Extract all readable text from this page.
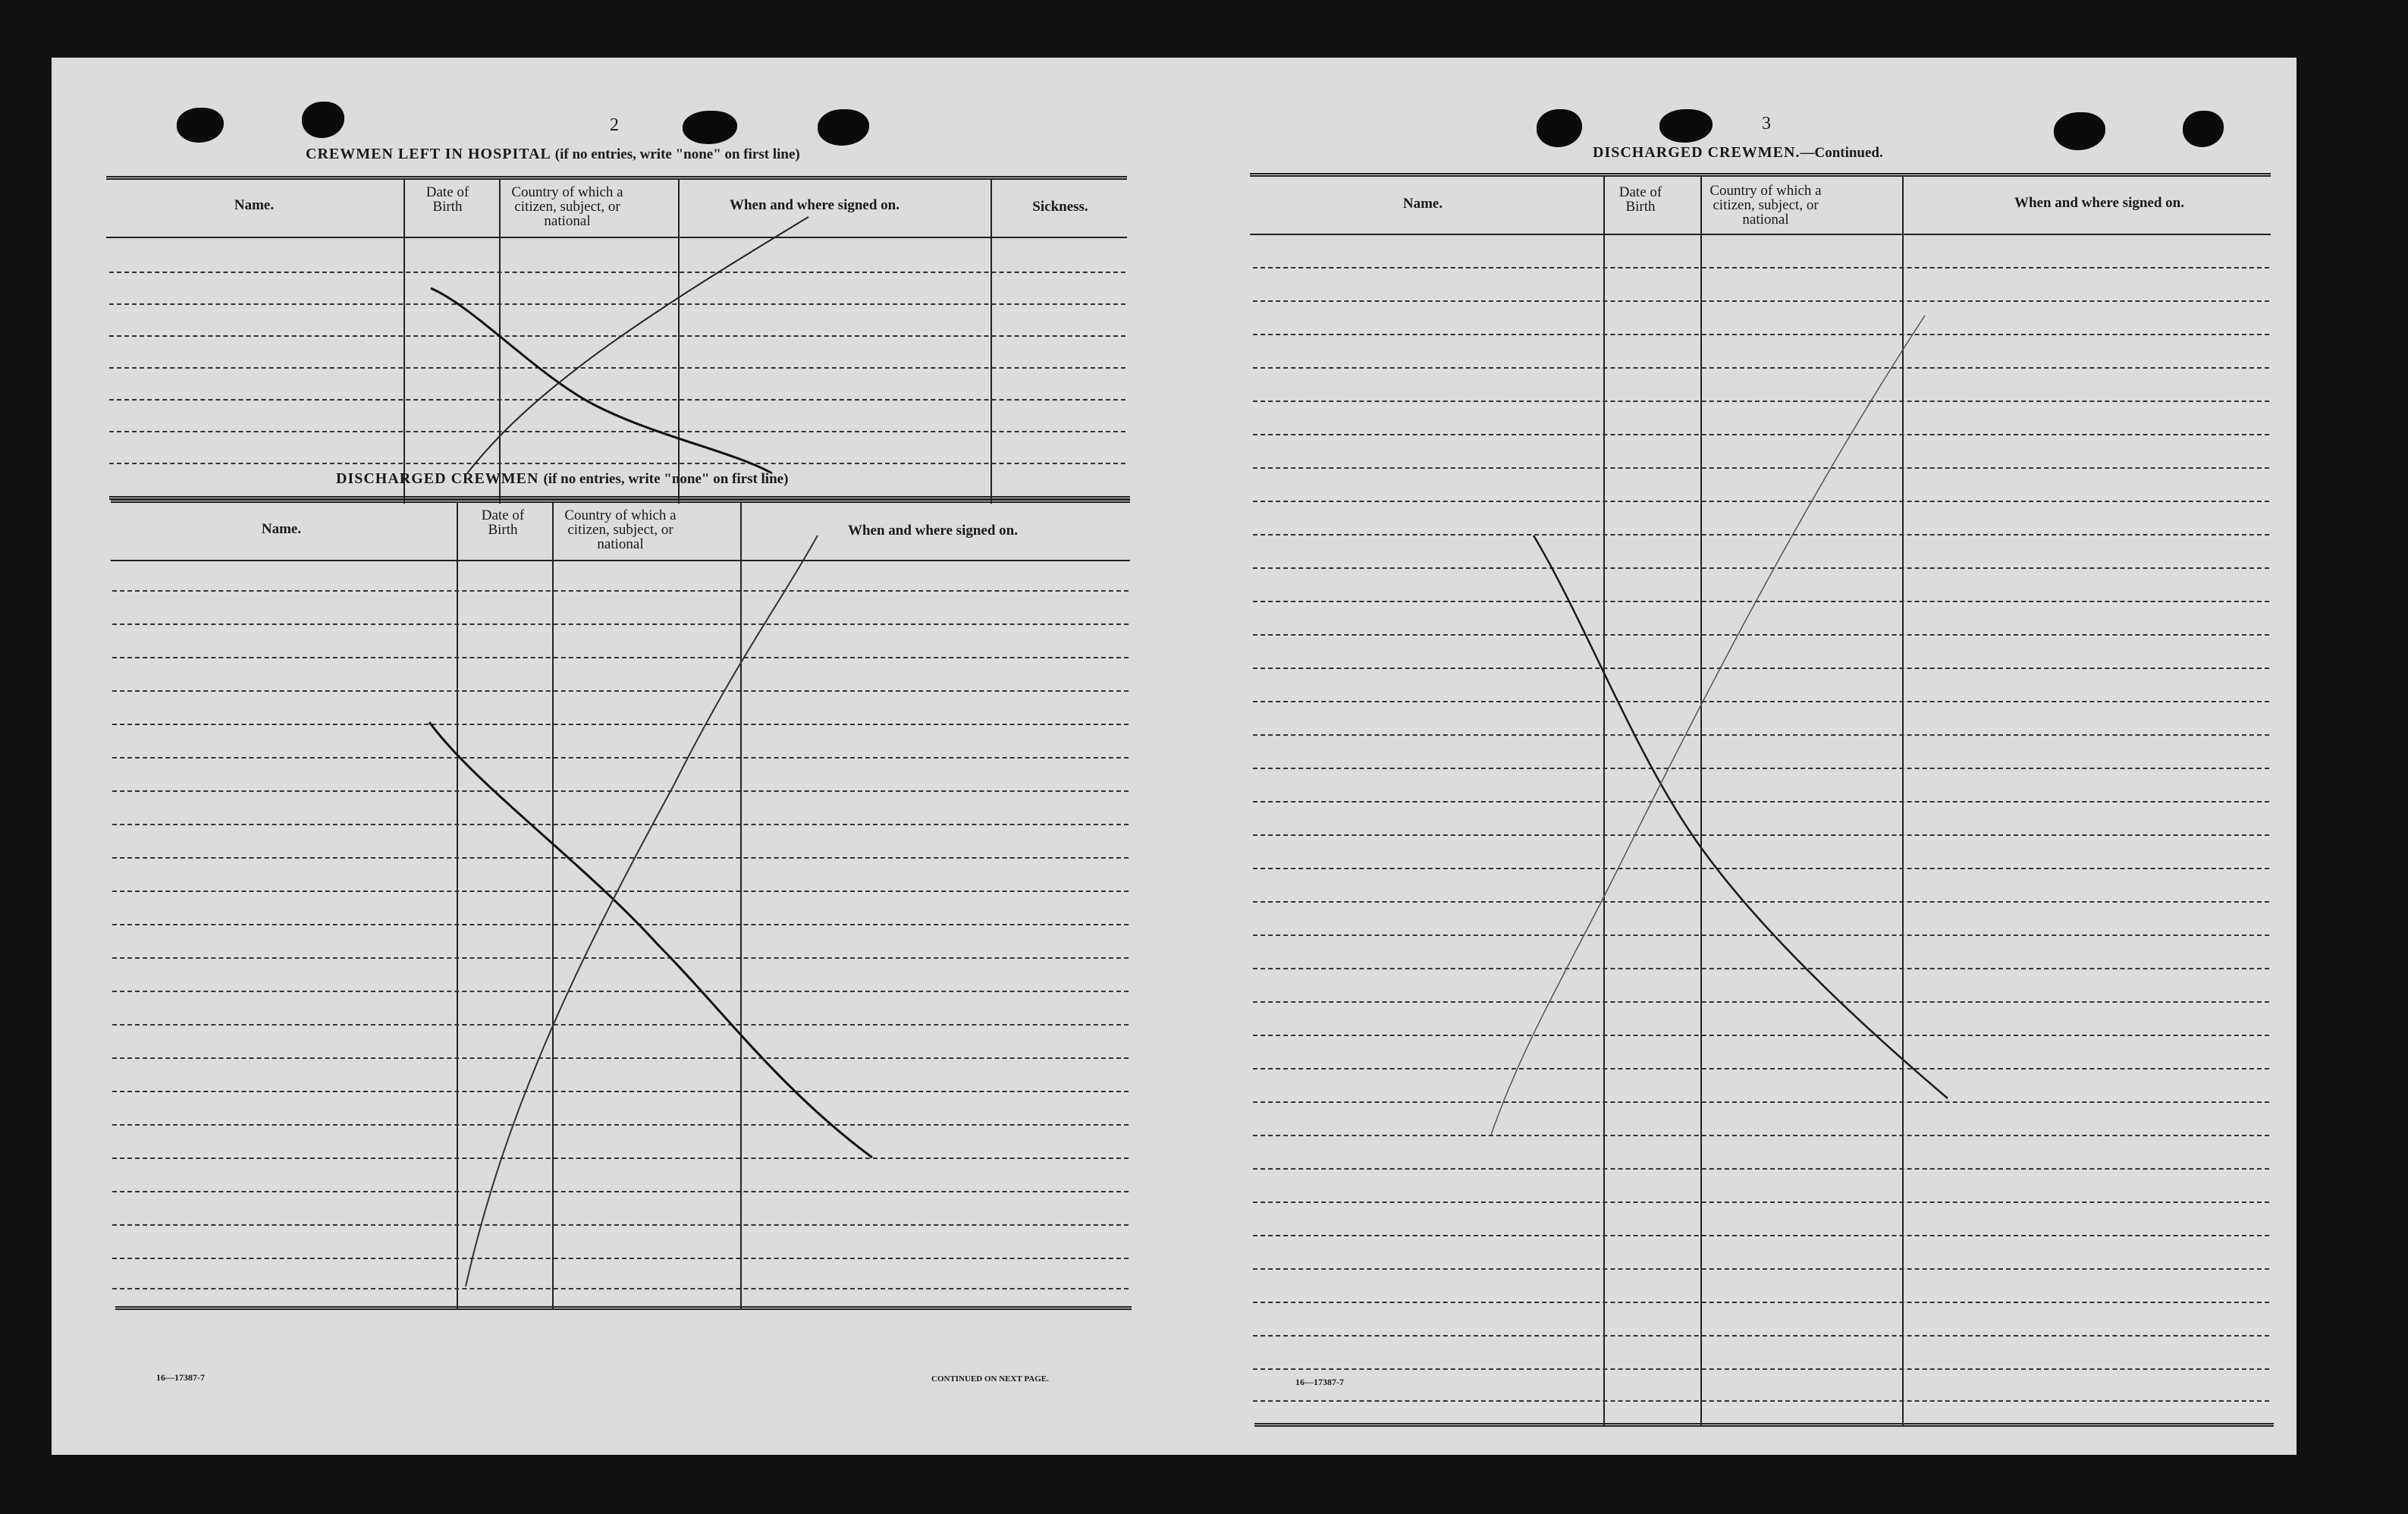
2
CREWMEN LEFT IN HOSPITAL (if no entries, write "none" on first line)
Name.
Date of Birth
Country of which a citizen, subject, or national
When and where signed on.	Sickness.
DISCHARGED CREWMEN (if no entries, write "none" on first line)
Name.
Date of Birth
Country of which a citizen, subject, or national
When and where signed on.
16—17387-7	CONTINUED ON NEXT PAGE.
3
DISCHARGED CREWMEN.—Continued.
Name.
Date of Birth
Country of which a citizen, subject, or national
When and where signed on.
16—17387-7
